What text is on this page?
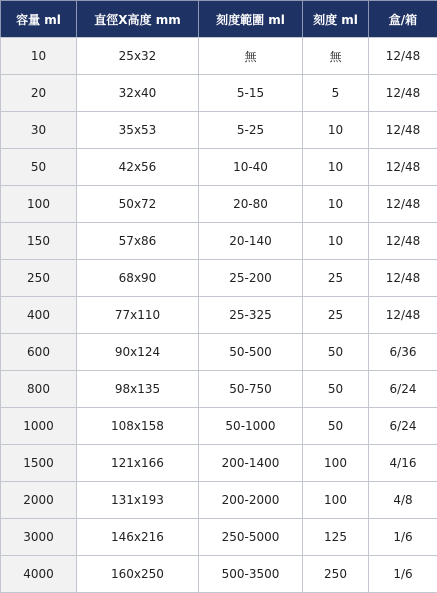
容量 ml	直徑X高度 mm	刻度範圍 ml	刻度 ml	盒/箱
10	25x32	無	無	12/48
20	32x40	5-15	5	12/48
30	35x53	5-25	10	12/48
50	42x56	10-40	10	12/48
100	50x72	20-80	10	12/48
150	57x86	20-140	10	12/48
250	68x90	25-200	25	12/48
400	77x110	25-325	25	12/48
600	90x124	50-500	50	6/36
800	98x135	50-750	50	6/24
1000	108x158	50-1000	50	6/24
1500	121x166	200-1400	100	4/16
2000	131x193	200-2000	100	4/8
3000	146x216	250-5000	125	1/6
4000	160x250	500-3500	250	1/6
